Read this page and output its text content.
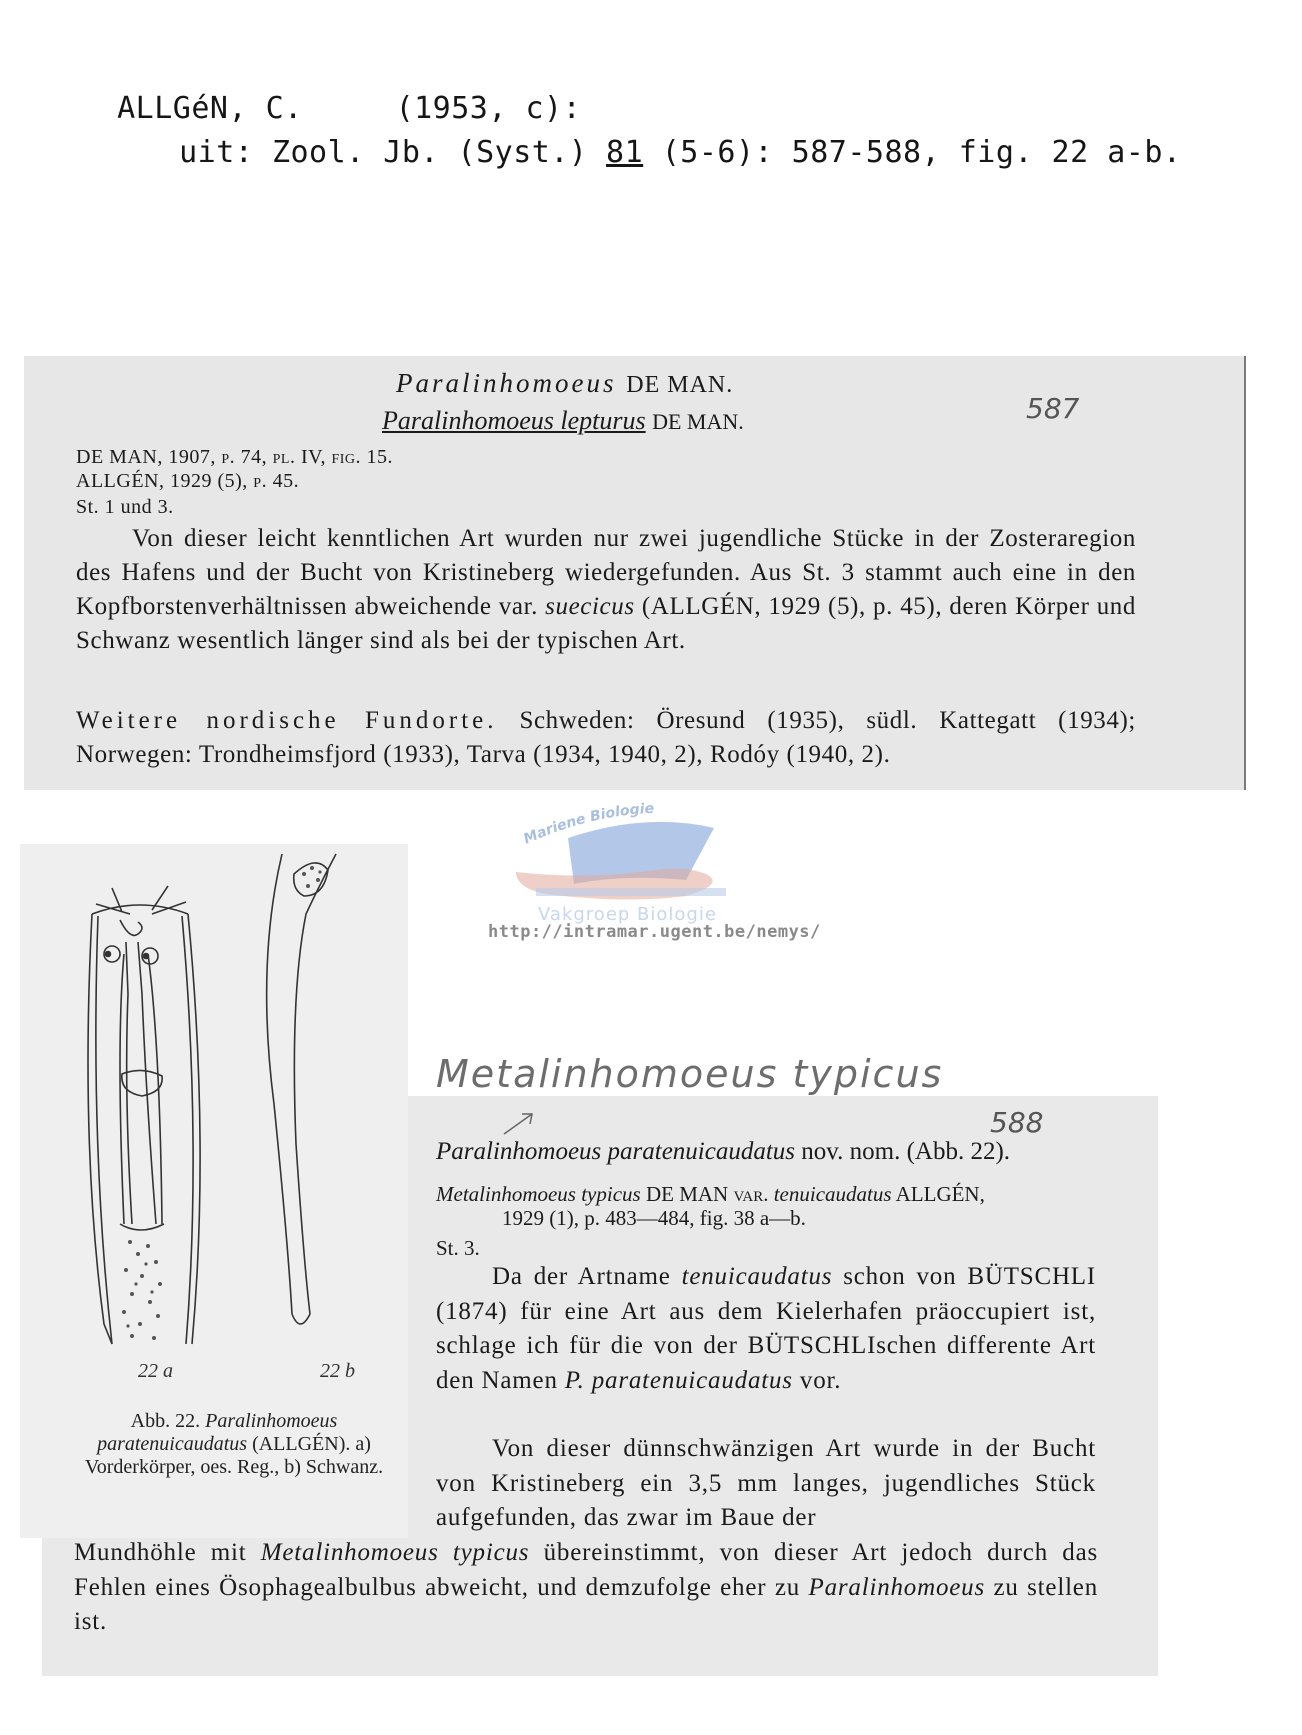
ALLGéN, C.	(1953, c):

uit: Zool. Jb. (Syst.) 81 (5-6): 587-588, fig. 22 a-b.

587
Paralinhomoeus DE MAN.
Paralinhomoeus lepturus DE MAN.
DE MAN, 1907, p. 74, pl. IV, fig. 15.
ALLGÉN, 1929 (5), p. 45.
St. 1 und 3.
Von dieser leicht kenntlichen Art wurden nur zwei jugendliche Stücke in der Zosteraregion des Hafens und der Bucht von Kristineberg wiedergefunden. Aus St. 3 stammt auch eine in den Kopfborstenverhältnissen abweichende var. suecicus (ALLGÉN, 1929 (5), p. 45), deren Körper und Schwanz wesentlich länger sind als bei der typischen Art.
Weitere nordische Fundorte. Schweden: Öresund (1935), südl. Kattegatt (1934); Norwegen: Trondheimsfjord (1933), Tarva (1934, 1940, 2), Rodóy (1940, 2).
Mariene Biologie
Vakgroep Biologie
http://intramar.ugent.be/nemys/
22 a	22 b
Abb. 22. Paralinhomoeus paratenuicaudatus (ALLGÉN). a) Vorderkörper, oes. Reg., b) Schwanz.
Metalinhomoeus typicus
588
Paralinhomoeus paratenuicaudatus nov. nom. (Abb. 22).
Metalinhomoeus typicus DE MAN var. tenuicaudatus ALLGÉN,
1929 (1), p. 483—484, fig. 38 a—b.
St. 3.
Da der Artname tenuicaudatus schon von BÜTSCHLI (1874) für eine Art aus dem Kielerhafen präoccupiert ist, schlage ich für die von der BÜTSCHLIschen differente Art den Namen P. paratenuicaudatus vor.
Von dieser dünnschwänzigen Art wurde in der Bucht von Kristineberg ein 3,5 mm langes, jugendliches Stück aufgefunden, das zwar im Baue der
Mundhöhle mit Metalinhomoeus typicus übereinstimmt, von dieser Art jedoch durch das Fehlen eines Ösophagealbulbus abweicht, und demzufolge eher zu Paralinhomoeus zu stellen ist.
